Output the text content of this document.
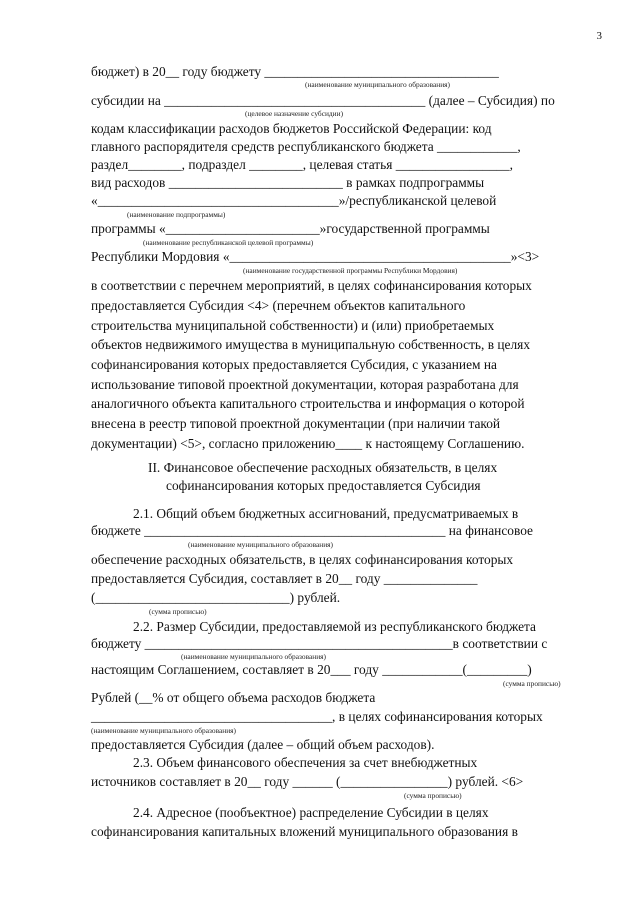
3
бюджет) в 20__ году бюджету ___________________________________
(наименование муниципального образования)
субсидии на _______________________________________ (далее – Субсидия) по
(целевое назначение субсидии)
кодам классификации расходов бюджетов Российской Федерации: код
главного распорядителя средств республиканского бюджета ____________,
раздел________, подраздел ________, целевая статья _________________,
вид расходов __________________________ в рамках подпрограммы
«____________________________________»/республиканской целевой
(наименование подпрограммы)
программы «_______________________»государственной программы
(наименование республиканской целевой программы)
Республики Мордовия «__________________________________________»<3>
(наименование государственной программы Республики Мордовия)
в соответствии с перечнем мероприятий, в целях софинансирования которых
предоставляется Субсидия <4> (перечнем объектов капитального
строительства муниципальной собственности) и (или) приобретаемых
объектов недвижимого имущества в муниципальную собственность, в целях
софинансирования которых предоставляется Субсидия, с указанием на
использование типовой проектной документации, которая разработана для
аналогичного объекта капитального строительства и информация о которой
внесена в реестр типовой проектной документации (при наличии такой
документации) <5>, согласно приложению____ к настоящему Соглашению.
II. Финансовое обеспечение расходных обязательств, в целях
софинансирования которых предоставляется Субсидия
2.1. Общий объем бюджетных ассигнований, предусматриваемых в
бюджете _____________________________________________ на финансовое
(наименование муниципального образования)
обеспечение расходных обязательств, в целях софинансирования которых
предоставляется Субсидия, составляет в 20__ году ______________
(_____________________________) рублей.
(сумма прописью)
2.2. Размер Субсидии, предоставляемой из республиканского бюджета
бюджету ______________________________________________в соответствии с
(наименование муниципального образования)
настоящим Соглашением, составляет в 20___ году ____________(_________)
(сумма прописью)
Рублей (__% от общего объема расходов бюджета
____________________________________, в целях софинансирования которых
(наименование муниципального образования)
предоставляется Субсидия (далее – общий объем расходов).
2.3. Объем финансового обеспечения за счет внебюджетных
источников составляет в 20__ году ______ (________________) рублей. <6>
(сумма прописью)
2.4. Адресное (пообъектное) распределение Субсидии в целях
софинансирования капитальных вложений муниципального образования в
